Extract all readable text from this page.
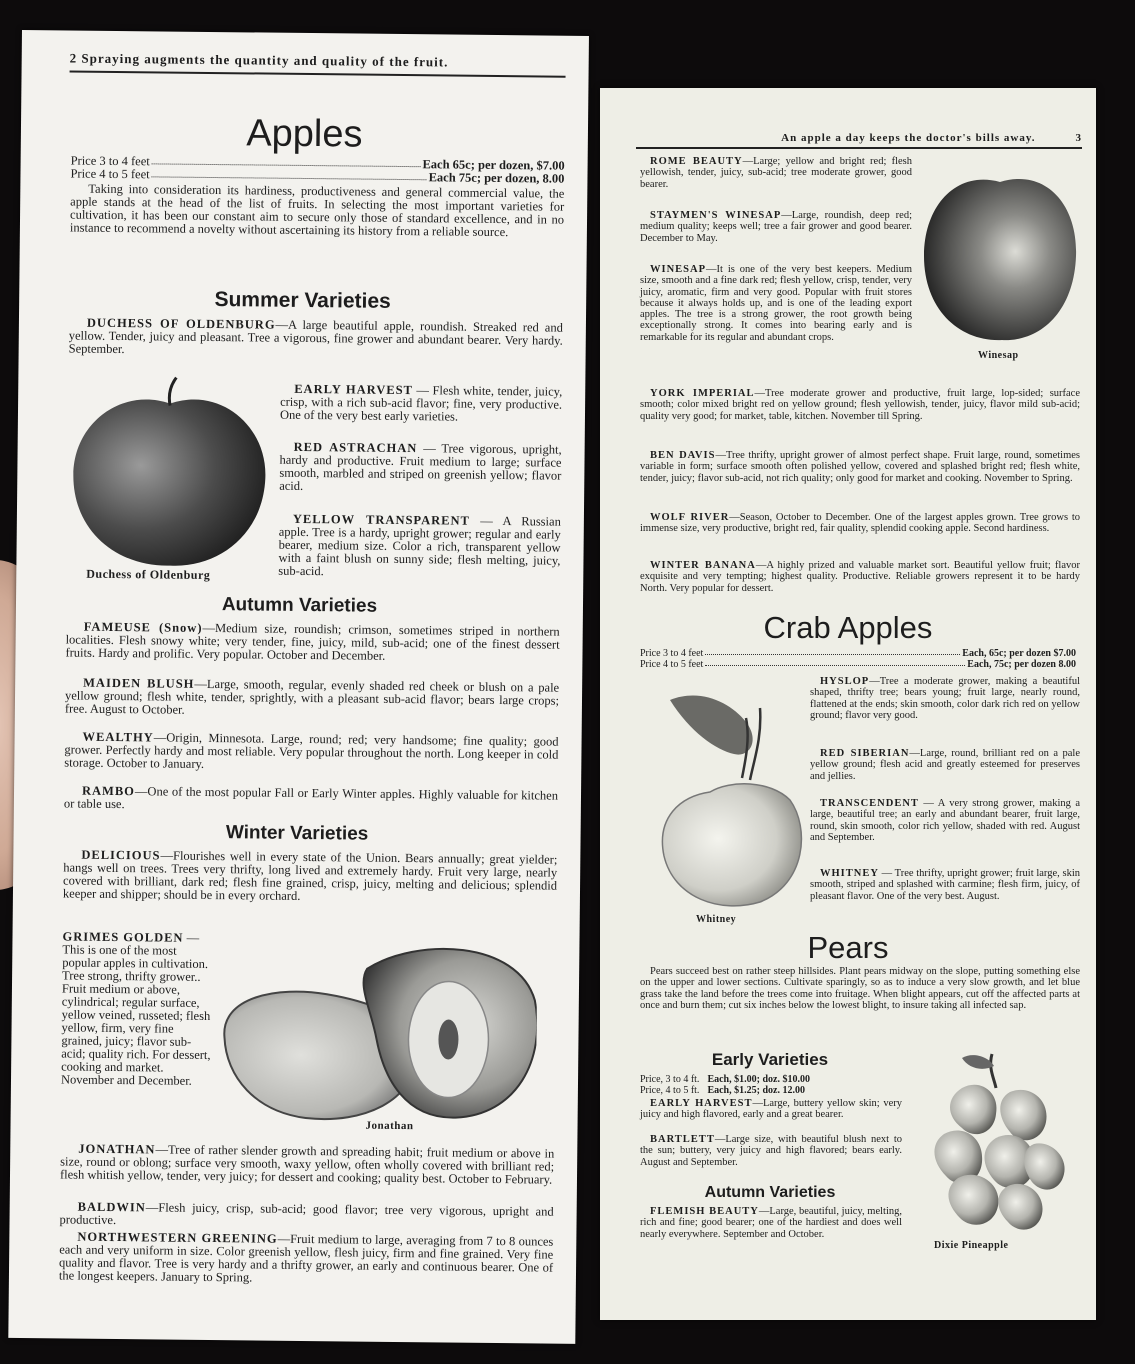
2 Spraying augments the quantity and quality of the fruit.
Apples
Price 3 to 4 feet	Each 65c; per dozen, $7.00
Price 4 to 5 feet	Each 75c; per dozen, 8.00
Taking into consideration its hardiness, productiveness and general commercial value, the apple stands at the head of the list of fruits. In selecting the most important varieties for cultivation, it has been our constant aim to secure only those of standard excellence, and in no instance to recommend a novelty without ascertaining its history from a reliable source.
Summer Varieties
DUCHESS OF OLDENBURG—A large beautiful apple, roundish. Streaked red and yellow. Tender, juicy and pleasant. Tree a vigorous, fine grower and abundant bearer. Very hardy. September.
Duchess of Oldenburg
EARLY HARVEST — Flesh white, tender, juicy, crisp, with a rich sub-acid flavor; fine, very productive. One of the very best early varieties.
RED ASTRACHAN — Tree vigorous, upright, hardy and productive. Fruit medium to large; surface smooth, marbled and striped on greenish yellow; flavor acid.
YELLOW TRANSPARENT — A Russian apple. Tree is a hardy, upright grower; regular and early bearer, medium size. Color a rich, transparent yellow with a faint blush on sunny side; flesh melting, juicy, sub-acid.
Autumn Varieties
FAMEUSE (Snow)—Medium size, roundish; crimson, sometimes striped in northern localities. Flesh snowy white; very tender, fine, juicy, mild, sub-acid; one of the finest dessert fruits. Hardy and prolific. Very popular. October and December.
MAIDEN BLUSH—Large, smooth, regular, evenly shaded red cheek or blush on a pale yellow ground; flesh white, tender, sprightly, with a pleasant sub-acid flavor; bears large crops; free. August to October.
WEALTHY—Origin, Minnesota. Large, round; red; very handsome; fine quality; good grower. Perfectly hardy and most reliable. Very popular throughout the north. Long keeper in cold storage. October to January.
RAMBO—One of the most popular Fall or Early Winter apples. Highly valuable for kitchen or table use.
Winter Varieties
DELICIOUS—Flourishes well in every state of the Union. Bears annually; great yielder; hangs well on trees. Trees very thrifty, long lived and extremely hardy. Fruit very large, nearly covered with brilliant, dark red; flesh fine grained, crisp, juicy, melting and delicious; splendid keeper and shipper; should be in every orchard.
GRIMES GOLDEN — This is one of the most popular apples in cultivation. Tree strong, thrifty grower.. Fruit medium or above, cylindrical; regular surface, yellow veined, russeted; flesh yellow, firm, very fine grained, juicy; flavor sub-acid; quality rich. For dessert, cooking and market. November and December.
Jonathan
JONATHAN—Tree of rather slender growth and spreading habit; fruit medium or above in size, round or oblong; surface very smooth, waxy yellow, often wholly covered with brilliant red; flesh whitish yellow, tender, very juicy; for dessert and cooking; quality best. October to February.
BALDWIN—Flesh juicy, crisp, sub-acid; good flavor; tree very vigorous, upright and productive.
NORTHWESTERN GREENING—Fruit medium to large, averaging from 7 to 8 ounces each and very uniform in size. Color greenish yellow, flesh juicy, firm and fine grained. Very fine quality and flavor. Tree is very hardy and a thrifty grower, an early and continuous bearer. One of the longest keepers. January to Spring.
An apple a day keeps the doctor's bills away.	3
ROME BEAUTY—Large; yellow and bright red; flesh yellowish, tender, juicy, sub-acid; tree moderate grower, good bearer.
STAYMEN'S WINESAP—Large, roundish, deep red; medium quality; keeps well; tree a fair grower and good bearer. December to May.
WINESAP—It is one of the very best keepers. Medium size, smooth and a fine dark red; flesh yellow, crisp, tender, very juicy, aromatic, firm and very good. Popular with fruit stores because it always holds up, and is one of the leading export apples. The tree is a strong grower, the root growth being exceptionally strong. It comes into bearing early and is remarkable for its regular and abundant crops.
Winesap
YORK IMPERIAL—Tree moderate grower and productive, fruit large, lop-sided; surface smooth; color mixed bright red on yellow ground; flesh yellowish, tender, juicy, flavor mild sub-acid; quality very good; for market, table, kitchen. November till Spring.
BEN DAVIS—Tree thrifty, upright grower of almost perfect shape. Fruit large, round, sometimes variable in form; surface smooth often polished yellow, covered and splashed bright red; flesh white, tender, juicy; flavor sub-acid, not rich quality; only good for market and cooking. November to Spring.
WOLF RIVER—Season, October to December. One of the largest apples grown. Tree grows to immense size, very productive, bright red, fair quality, splendid cooking apple. Second hardiness.
WINTER BANANA—A highly prized and valuable market sort. Beautiful yellow fruit; flavor exquisite and very tempting; highest quality. Productive. Reliable growers represent it to be hardy North. Very popular for dessert.
Crab Apples
Price 3 to 4 feet	Each, 65c; per dozen $7.00
Price 4 to 5 feet	Each, 75c; per dozen 8.00
Whitney
HYSLOP—Tree a moderate grower, making a beautiful shaped, thrifty tree; bears young; fruit large, nearly round, flattened at the ends; skin smooth, color dark rich red on yellow ground; flavor very good.
RED SIBERIAN—Large, round, brilliant red on a pale yellow ground; flesh acid and greatly esteemed for preserves and jellies.
TRANSCENDENT — A very strong grower, making a large, beautiful tree; an early and abundant bearer, fruit large, round, skin smooth, color rich yellow, shaded with red. August and September.
WHITNEY — Tree thrifty, upright grower; fruit large, skin smooth, striped and splashed with carmine; flesh firm, juicy, of pleasant flavor. One of the very best. August.
Pears
Pears succeed best on rather steep hillsides. Plant pears midway on the slope, putting something else on the upper and lower sections. Cultivate sparingly, so as to induce a very slow growth, and let blue grass take the land before the trees come into fruitage. When blight appears, cut off the affected parts at once and burn them; cut six inches below the lowest blight, to insure taking all infected sap.
Early Varieties
Price, 3 to 4 ft. Each, $1.00; doz. $10.00
Price, 4 to 5 ft. Each, $1.25; doz. 12.00
EARLY HARVEST—Large, buttery yellow skin; very juicy and high flavored, early and a great bearer.
BARTLETT—Large size, with beautiful blush next to the sun; buttery, very juicy and high flavored; bears early. August and September.
Autumn Varieties
FLEMISH BEAUTY—Large, beautiful, juicy, melting, rich and fine; good bearer; one of the hardiest and does well nearly everywhere. September and October.
Dixie Pineapple
